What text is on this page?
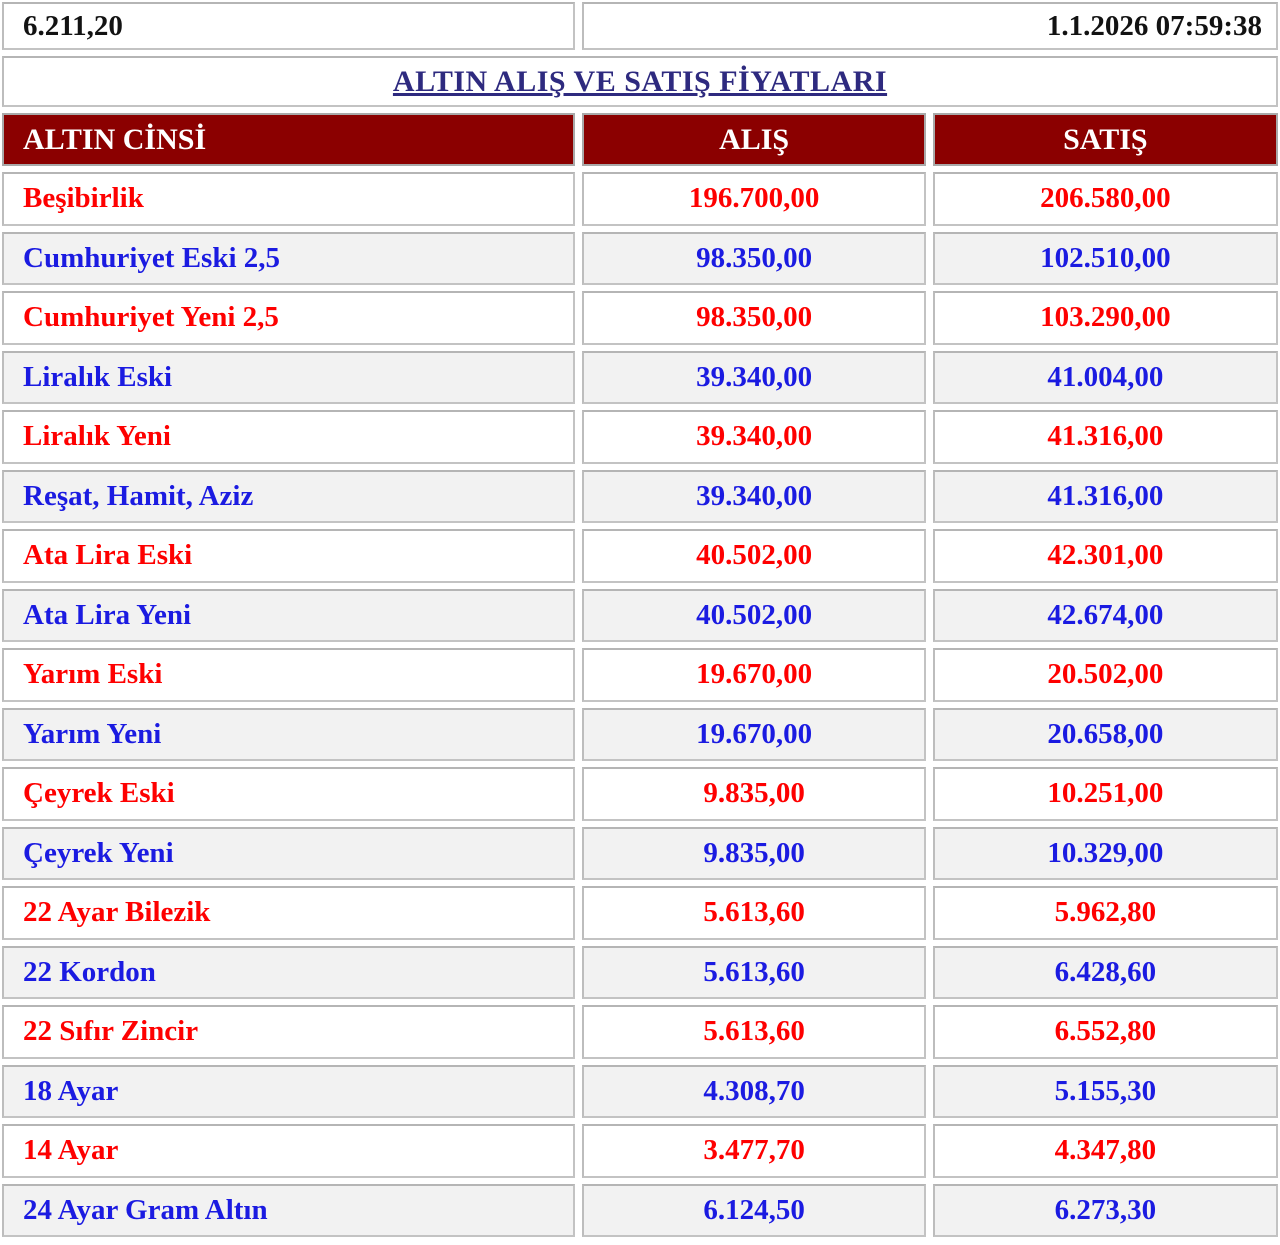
6.211,20	1.1.2026 07:59:38
ALTIN ALIŞ VE SATIŞ FİYATLARI
ALTIN CİNSİ	ALIŞ	SATIŞ
Beşibirlik	196.700,00	206.580,00
Cumhuriyet Eski 2,5	98.350,00	102.510,00
Cumhuriyet Yeni 2,5	98.350,00	103.290,00
Liralık Eski	39.340,00	41.004,00
Liralık Yeni	39.340,00	41.316,00
Reşat, Hamit, Aziz	39.340,00	41.316,00
Ata Lira Eski	40.502,00	42.301,00
Ata Lira Yeni	40.502,00	42.674,00
Yarım Eski	19.670,00	20.502,00
Yarım Yeni	19.670,00	20.658,00
Çeyrek Eski	9.835,00	10.251,00
Çeyrek Yeni	9.835,00	10.329,00
22 Ayar Bilezik	5.613,60	5.962,80
22 Kordon	5.613,60	6.428,60
22 Sıfır Zincir	5.613,60	6.552,80
18 Ayar	4.308,70	5.155,30
14 Ayar	3.477,70	4.347,80
24 Ayar Gram Altın	6.124,50	6.273,30
